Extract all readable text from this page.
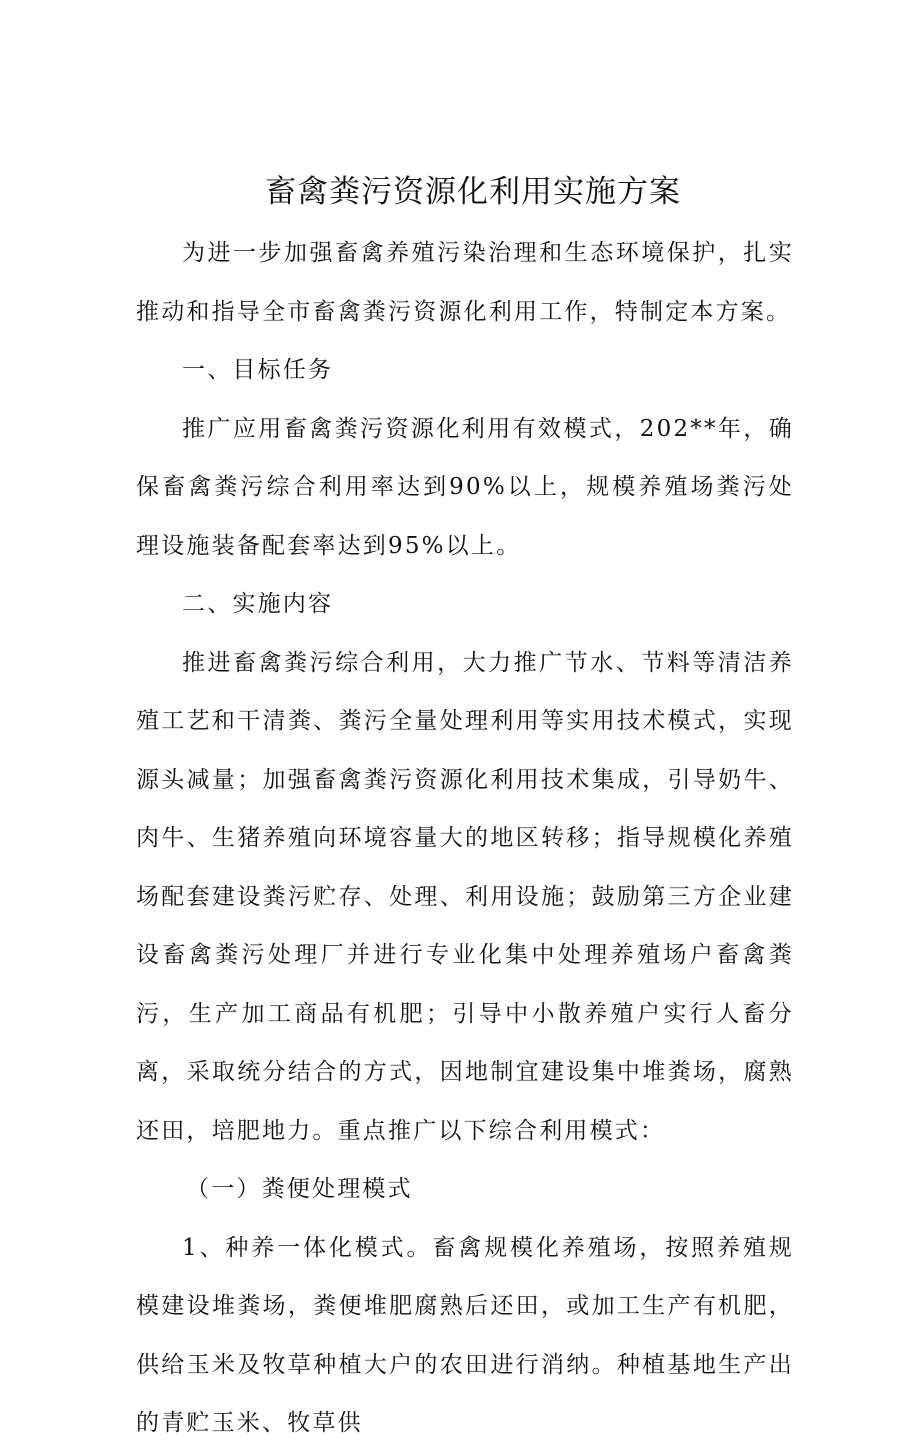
畜禽粪污资源化利用实施方案

为进一步加强畜禽养殖污染治理和生态环境保护，扎实推动和指导全市畜禽粪污资源化利用工作，特制定本方案。

一、目标任务

推广应用畜禽粪污资源化利用有效模式，202**年，确保畜禽粪污综合利用率达到90%以上，规模养殖场粪污处理设施装备配套率达到95%以上。

二、实施内容

推进畜禽粪污综合利用，大力推广节水、节料等清洁养殖工艺和干清粪、粪污全量处理利用等实用技术模式，实现源头减量；加强畜禽粪污资源化利用技术集成，引导奶牛、肉牛、生猪养殖向环境容量大的地区转移；指导规模化养殖场配套建设粪污贮存、处理、利用设施；鼓励第三方企业建设畜禽粪污处理厂并进行专业化集中处理养殖场户畜禽粪污，生产加工商品有机肥；引导中小散养殖户实行人畜分离，采取统分结合的方式，因地制宜建设集中堆粪场，腐熟还田，培肥地力。重点推广以下综合利用模式：

（一）粪便处理模式

1、种养一体化模式。畜禽规模化养殖场，按照养殖规模建设堆粪场，粪便堆肥腐熟后还田，或加工生产有机肥，供给玉米及牧草种植大户的农田进行消纳。种植基地生产出的青贮玉米、牧草供
